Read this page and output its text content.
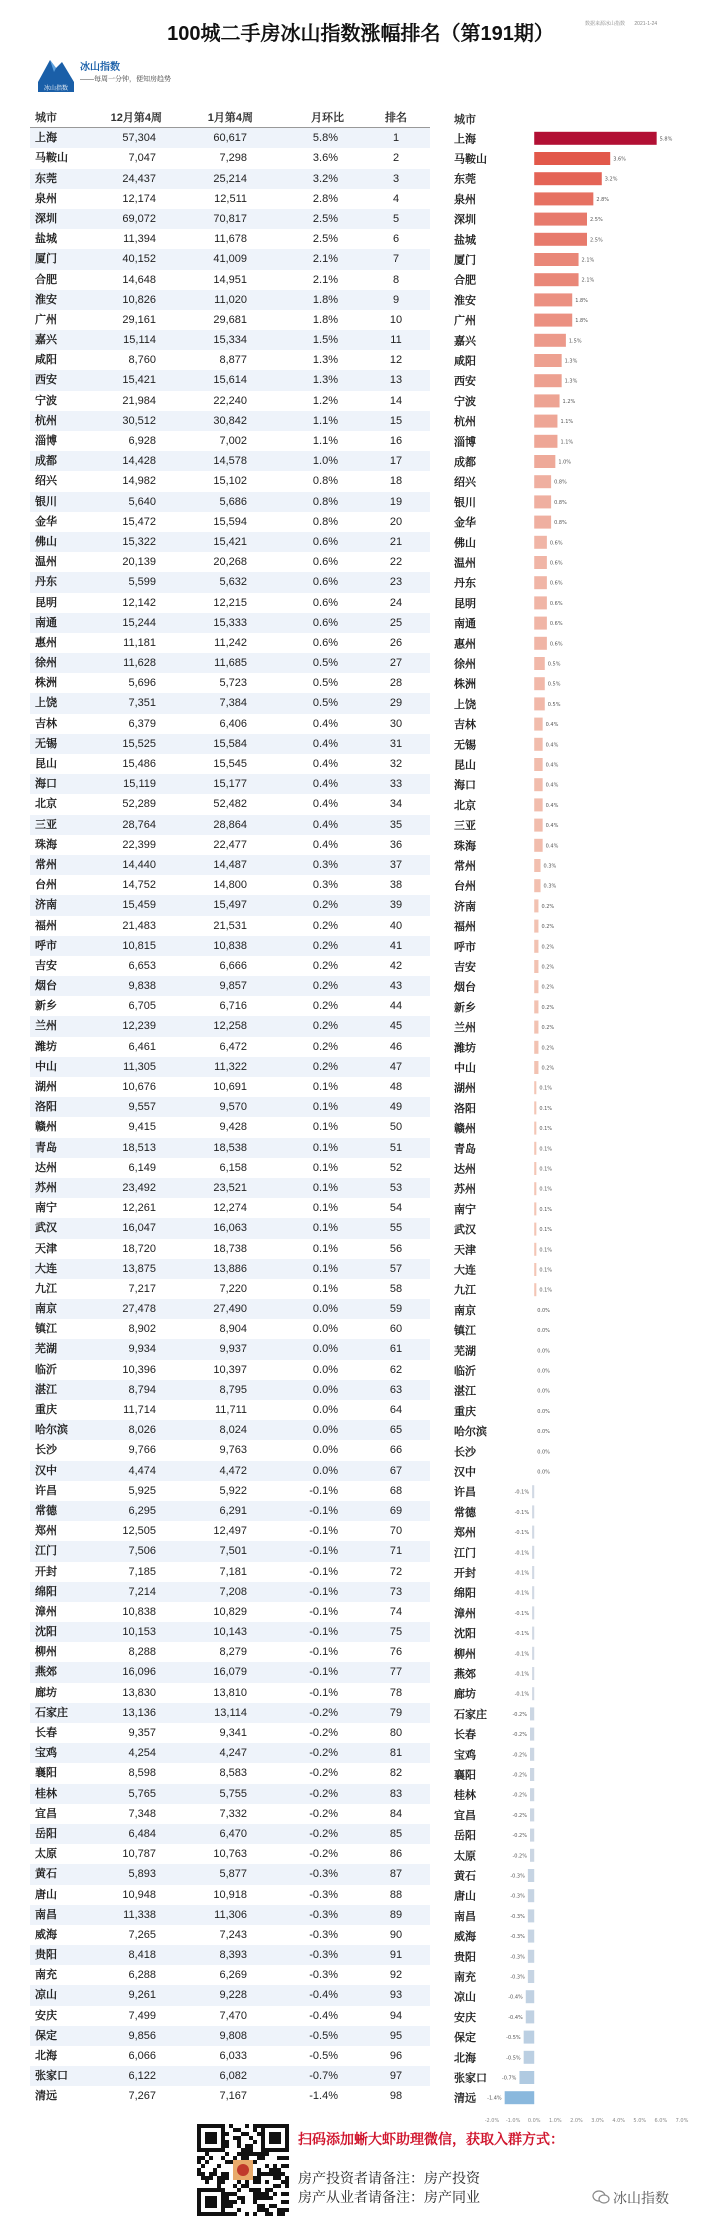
100城二手房冰山指数涨幅排名（第191期）	数据来源冰山指数 2021-1-24
冰山指数
冰山指数
——每周一分钟，便知房趋势
城市	12月第4周	1月第4周	月环比	排名
上海	57,304	60,617	5.8%	1
马鞍山	7,047	7,298	3.6%	2
东莞	24,437	25,214	3.2%	3
泉州	12,174	12,511	2.8%	4
深圳	69,072	70,817	2.5%	5
盐城	11,394	11,678	2.5%	6
厦门	40,152	41,009	2.1%	7
合肥	14,648	14,951	2.1%	8
淮安	10,826	11,020	1.8%	9
广州	29,161	29,681	1.8%	10
嘉兴	15,114	15,334	1.5%	11
咸阳	8,760	8,877	1.3%	12
西安	15,421	15,614	1.3%	13
宁波	21,984	22,240	1.2%	14
杭州	30,512	30,842	1.1%	15
淄博	6,928	7,002	1.1%	16
成都	14,428	14,578	1.0%	17
绍兴	14,982	15,102	0.8%	18
银川	5,640	5,686	0.8%	19
金华	15,472	15,594	0.8%	20
佛山	15,322	15,421	0.6%	21
温州	20,139	20,268	0.6%	22
丹东	5,599	5,632	0.6%	23
昆明	12,142	12,215	0.6%	24
南通	15,244	15,333	0.6%	25
惠州	11,181	11,242	0.6%	26
徐州	11,628	11,685	0.5%	27
株洲	5,696	5,723	0.5%	28
上饶	7,351	7,384	0.5%	29
吉林	6,379	6,406	0.4%	30
无锡	15,525	15,584	0.4%	31
昆山	15,486	15,545	0.4%	32
海口	15,119	15,177	0.4%	33
北京	52,289	52,482	0.4%	34
三亚	28,764	28,864	0.4%	35
珠海	22,399	22,477	0.4%	36
常州	14,440	14,487	0.3%	37
台州	14,752	14,800	0.3%	38
济南	15,459	15,497	0.2%	39
福州	21,483	21,531	0.2%	40
呼市	10,815	10,838	0.2%	41
吉安	6,653	6,666	0.2%	42
烟台	9,838	9,857	0.2%	43
新乡	6,705	6,716	0.2%	44
兰州	12,239	12,258	0.2%	45
潍坊	6,461	6,472	0.2%	46
中山	11,305	11,322	0.2%	47
湖州	10,676	10,691	0.1%	48
洛阳	9,557	9,570	0.1%	49
赣州	9,415	9,428	0.1%	50
青岛	18,513	18,538	0.1%	51
达州	6,149	6,158	0.1%	52
苏州	23,492	23,521	0.1%	53
南宁	12,261	12,274	0.1%	54
武汉	16,047	16,063	0.1%	55
天津	18,720	18,738	0.1%	56
大连	13,875	13,886	0.1%	57
九江	7,217	7,220	0.1%	58
南京	27,478	27,490	0.0%	59
镇江	8,902	8,904	0.0%	60
芜湖	9,934	9,937	0.0%	61
临沂	10,396	10,397	0.0%	62
湛江	8,794	8,795	0.0%	63
重庆	11,714	11,711	0.0%	64
哈尔滨	8,026	8,024	0.0%	65
长沙	9,766	9,763	0.0%	66
汉中	4,474	4,472	0.0%	67
许昌	5,925	5,922	-0.1%	68
常德	6,295	6,291	-0.1%	69
郑州	12,505	12,497	-0.1%	70
江门	7,506	7,501	-0.1%	71
开封	7,185	7,181	-0.1%	72
绵阳	7,214	7,208	-0.1%	73
漳州	10,838	10,829	-0.1%	74
沈阳	10,153	10,143	-0.1%	75
柳州	8,288	8,279	-0.1%	76
燕郊	16,096	16,079	-0.1%	77
廊坊	13,830	13,810	-0.1%	78
石家庄	13,136	13,114	-0.2%	79
长春	9,357	9,341	-0.2%	80
宝鸡	4,254	4,247	-0.2%	81
襄阳	8,598	8,583	-0.2%	82
桂林	5,765	5,755	-0.2%	83
宜昌	7,348	7,332	-0.2%	84
岳阳	6,484	6,470	-0.2%	85
太原	10,787	10,763	-0.2%	86
黄石	5,893	5,877	-0.3%	87
唐山	10,948	10,918	-0.3%	88
南昌	11,338	11,306	-0.3%	89
威海	7,265	7,243	-0.3%	90
贵阳	8,418	8,393	-0.3%	91
南充	6,288	6,269	-0.3%	92
凉山	9,261	9,228	-0.4%	93
安庆	7,499	7,470	-0.4%	94
保定	9,856	9,808	-0.5%	95
北海	6,066	6,033	-0.5%	96
张家口	6,122	6,082	-0.7%	97
清远	7,267	7,167	-1.4%	98
城市
上海	5.8%
马鞍山	3.6%
东莞	3.2%
泉州	2.8%
深圳	2.5%
盐城	2.5%
厦门	2.1%
合肥	2.1%
淮安	1.8%
广州	1.8%
嘉兴	1.5%
咸阳	1.3%
西安	1.3%
宁波	1.2%
杭州	1.1%
淄博	1.1%
成都	1.0%
绍兴	0.8%
银川	0.8%
金华	0.8%
佛山	0.6%
温州	0.6%
丹东	0.6%
昆明	0.6%
南通	0.6%
惠州	0.6%
徐州	0.5%
株洲	0.5%
上饶	0.5%
吉林	0.4%
无锡	0.4%
昆山	0.4%
海口	0.4%
北京	0.4%
三亚	0.4%
珠海	0.4%
常州	0.3%
台州	0.3%
济南	0.2%
福州	0.2%
呼市	0.2%
吉安	0.2%
烟台	0.2%
新乡	0.2%
兰州	0.2%
潍坊	0.2%
中山	0.2%
湖州	0.1%
洛阳	0.1%
赣州	0.1%
青岛	0.1%
达州	0.1%
苏州	0.1%
南宁	0.1%
武汉	0.1%
天津	0.1%
大连	0.1%
九江	0.1%
南京	0.0%
镇江	0.0%
芜湖	0.0%
临沂	0.0%
湛江	0.0%
重庆	0.0%
哈尔滨	0.0%
长沙	0.0%
汉中	0.0%
许昌	-0.1%
常德	-0.1%
郑州	-0.1%
江门	-0.1%
开封	-0.1%
绵阳	-0.1%
漳州	-0.1%
沈阳	-0.1%
柳州	-0.1%
燕郊	-0.1%
廊坊	-0.1%
石家庄	-0.2%
长春	-0.2%
宝鸡	-0.2%
襄阳	-0.2%
桂林	-0.2%
宜昌	-0.2%
岳阳	-0.2%
太原	-0.2%
黄石	-0.3%
唐山	-0.3%
南昌	-0.3%
威海	-0.3%
贵阳	-0.3%
南充	-0.3%
凉山	-0.4%
安庆	-0.4%
保定	-0.5%
北海	-0.5%
张家口	-0.7%
清远 -1.4%
-2.0% -1.0% 0.0% 1.0% 2.0% 3.0% 4.0% 5.0% 6.0% 7.0%
扫码添加蜥大虾助理微信，获取入群方式：
房产投资者请备注：房产投资
房产从业者请备注：房产同业	冰山指数
